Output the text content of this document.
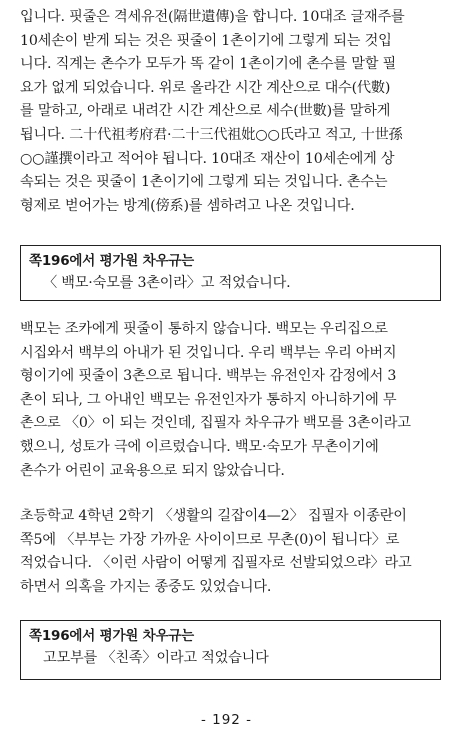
입니다. 핏줄은 격세유전(隔世遺傳)을 합니다. 10대조 글재주를
10세손이 받게 되는 것은 핏줄이 1촌이기에 그렇게 되는 것입
니다. 직계는 촌수가 모두가 똑 같이 1촌이기에 촌수를 말할 필
요가 없게 되었습니다. 위로 올라간 시간 계산으로 대수(代數)
를 말하고, 아래로 내려간 시간 계산으로 세수(世數)를 말하게
됩니다. 二十代祖考府君·二十三代祖妣○○氏라고 적고, 十世孫
○○謹撰이라고 적어야 됩니다. 10대조 재산이 10세손에게 상
속되는 것은 핏줄이 1촌이기에 그렇게 되는 것입니다. 촌수는
형제로 벋어가는 방계(傍系)를 셈하려고 나온 것입니다.

쪽196에서 평가원 차우규는
〈 백모·숙모를 3촌이라〉고 적었습니다.

백모는 조카에게 핏줄이 통하지 않습니다. 백모는 우리집으로
시집와서 백부의 아내가 된 것입니다. 우리 백부는 우리 아버지
형이기에 핏줄이 3촌으로 됩니다. 백부는 유전인자 감정에서 3
촌이 되나, 그 아내인 백모는 유전인자가 통하지 아니하기에 무
촌으로 〈0〉이 되는 것인데, 집필자 차우규가 백모를 3촌이라고
했으니, 성토가 극에 이르렀습니다. 백모·숙모가 무촌이기에
촌수가 어린이 교육용으로 되지 않았습니다.

초등학교 4학년 2학기 〈생활의 길잡이4—2〉 집필자 이종란이
쪽5에 〈부부는 가장 가까운 사이이므로 무촌(0)이 됩니다〉로
적었습니다. 〈이런 사람이 어떻게 집필자로 선발되었으랴〉라고
하면서 의혹을 가지는 종중도 있었습니다.

쪽196에서 평가원 차우규는
고모부를 〈친족〉이라고 적었습니다
- 192 -
